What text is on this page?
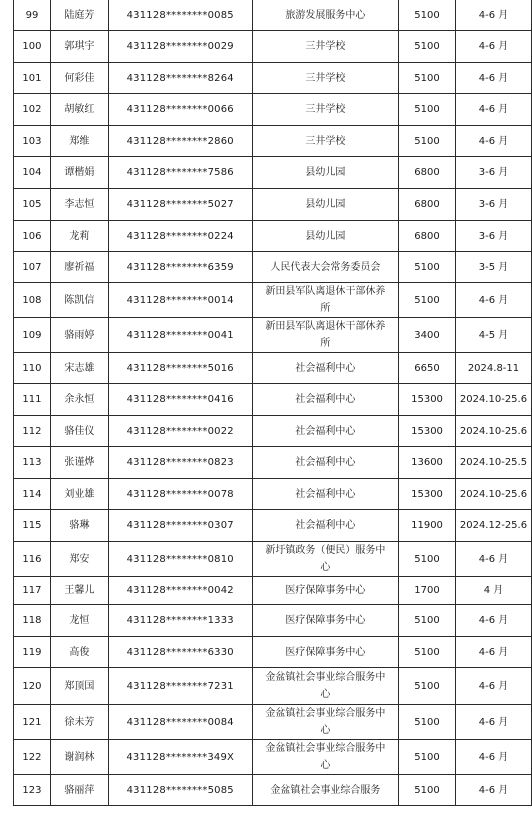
99	陆庭芳	431128********0085	旅游发展服务中心	5100	4-6 月
100	郭琪宇	431128********0029	三井学校	5100	4-6 月
101	何彩佳	431128********8264	三井学校	5100	4-6 月
102	胡敏红	431128********0066	三井学校	5100	4-6 月
103	郑维	431128********2860	三井学校	5100	4-6 月
104	谭楷娟	431128********7586	县幼儿园	6800	3-6 月
105	李志恒	431128********5027	县幼儿园	6800	3-6 月
106	龙莉	431128********0224	县幼儿园	6800	3-6 月
107	廖祈福	431128********6359	人民代表大会常务委员会	5100	3-5 月
108	陈凯信	431128********0014	新田县军队离退休干部休养所	5100	4-6 月
109	骆雨婷	431128********0041	新田县军队离退休干部休养所	3400	4-5 月
110	宋志雄	431128********5016	社会福利中心	6650	2024.8-11
111	余永恒	431128********0416	社会福利中心	15300	2024.10-25.6
112	骆佳仪	431128********0022	社会福利中心	15300	2024.10-25.6
113	张谨烨	431128********0823	社会福利中心	13600	2024.10-25.5
114	刘业雄	431128********0078	社会福利中心	15300	2024.10-25.6
115	骆琳	431128********0307	社会福利中心	11900	2024.12-25.6
116	郑安	431128********0810	新圩镇政务（便民）服务中心	5100	4-6 月
117	王馨儿	431128********0042	医疗保障事务中心	1700	4 月
118	龙恒	431128********1333	医疗保障事务中心	5100	4-6 月
119	高俊	431128********6330	医疗保障事务中心	5100	4-6 月
120	郑顶国	431128********7231	金盆镇社会事业综合服务中心	5100	4-6 月
121	徐未芳	431128********0084	金盆镇社会事业综合服务中心	5100	4-6 月
122	谢润林	431128********349X	金盆镇社会事业综合服务中心	5100	4-6 月
123	骆丽萍	431128********5085	金盆镇社会事业综合服务	5100	4-6 月
